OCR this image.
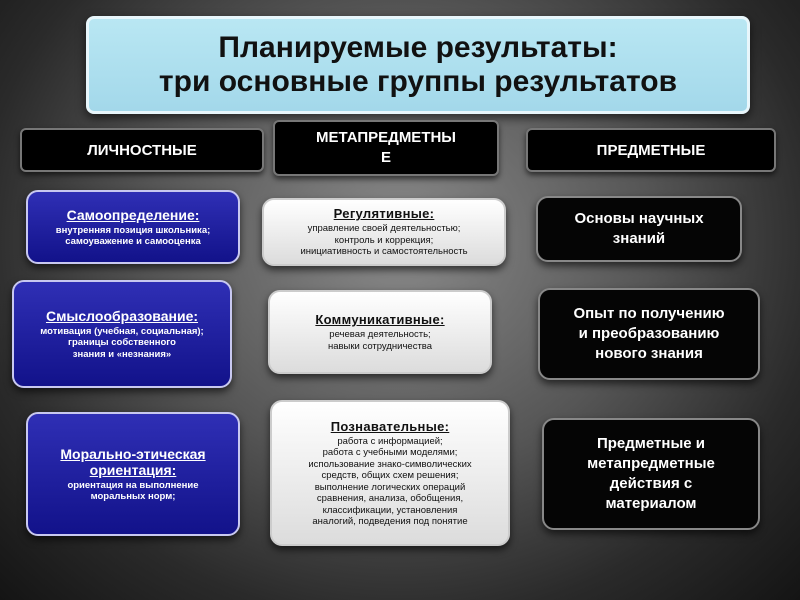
Планируемые результаты:
три основные группы результатов
ЛИЧНОСТНЫЕ
МЕТАПРЕДМЕТНЫ
Е	ПРЕДМЕТНЫЕ
Самоопределение:
внутренняя позиция школьника;
самоуважение и самооценка
Смыслообразование:
мотивация (учебная, социальная);
границы собственного
знания и «незнания»
Морально-этическая
ориентация:
ориентация на выполнение
моральных норм;
Регулятивные:
управление своей деятельностью;
контроль и коррекция;
инициативность и самостоятельность
Коммуникативные:
речевая деятельность;
навыки сотрудничества
Познавательные:
работа с информацией;
работа с учебными моделями;
использование знако-символических
средств, общих схем решения;
выполнение логических операций
сравнения, анализа, обобщения,
классификации, установления
аналогий, подведения под понятие
Основы научных
знаний
Опыт по получению
и преобразованию
нового знания
Предметные и
метапредметные
действия с
материалом
